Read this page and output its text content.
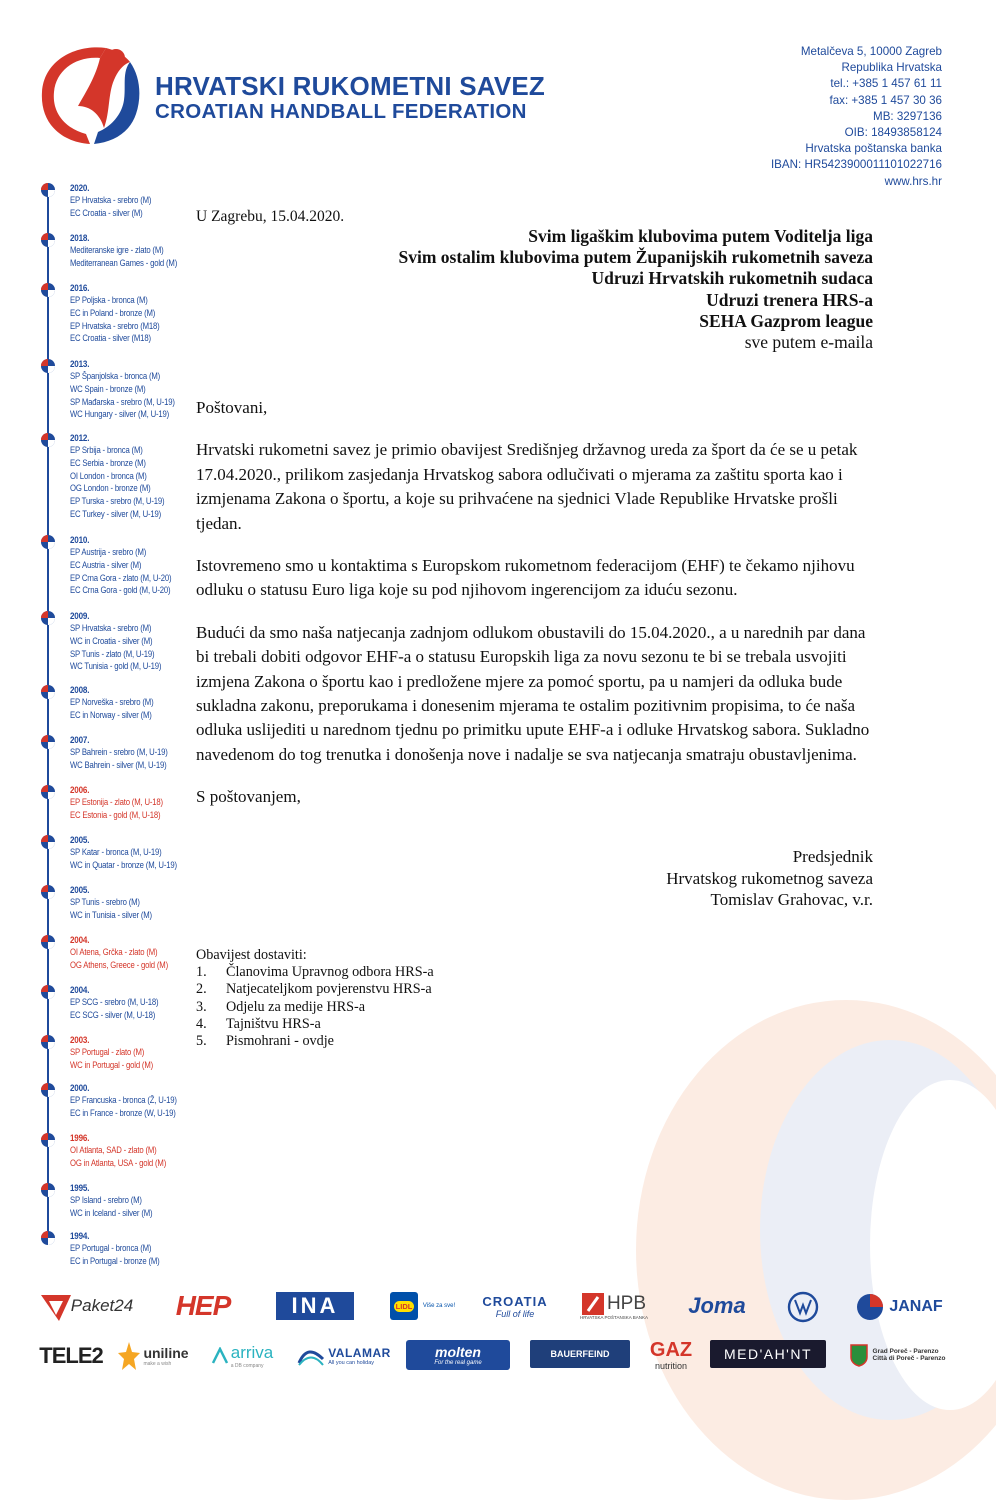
HRVATSKI RUKOMETNI SAVEZ
CROATIAN HANDBALL FEDERATION
Metalčeva 5, 10000 Zagreb
Republika Hrvatska
tel.: +385 1 457 61 11
fax: +385 1 457 30 36
MB: 3297136
OIB: 18493858124
Hrvatska poštanska banka
IBAN: HR5423900011101022716
www.hrs.hr
2020.
EP Hrvatska - srebro (M)
EC Croatia - silver (M)
2018.
Mediteranske igre - zlato (M)
Mediterranean Games - gold (M)
2016.
EP Poljska - bronca (M)
EC in Poland - bronze (M)
EP Hrvatska - srebro (M18)
EC Croatia - silver (M18)
2013.
SP Španjolska - bronca (M)
WC Spain - bronze (M)
SP Mađarska - srebro (M, U-19)
WC Hungary - silver (M, U-19)
2012.
EP Srbija - bronca (M)
EC Serbia - bronze (M)
OI London - bronca (M)
OG London - bronze (M)
EP Turska - srebro (M, U-19)
EC Turkey - silver (M, U-19)
2010.
EP Austrija - srebro (M)
EC Austria - silver (M)
EP Crna Gora - zlato (M, U-20)
EC Crna Gora - gold (M, U-20)
2009.
SP Hrvatska - srebro (M)
WC in Croatia - silver (M)
SP Tunis - zlato (M, U-19)
WC Tunisia - gold (M, U-19)
2008.
EP Norveška - srebro (M)
EC in Norway - silver (M)
2007.
SP Bahrein - srebro (M, U-19)
WC Bahrein - silver (M, U-19)
2006.
EP Estonija - zlato (M, U-18)
EC Estonia - gold (M, U-18)
2005.
SP Katar - bronca (M, U-19)
WC in Quatar - bronze (M, U-19)
2005.
SP Tunis - srebro (M)
WC in Tunisia - silver (M)
2004.
OI Atena, Grčka - zlato (M)
OG Athens, Greece - gold (M)
2004.
EP SCG - srebro (M, U-18)
EC SCG - silver (M, U-18)
2003.
SP Portugal - zlato (M)
WC in Portugal - gold (M)
2000.
EP Francuska - bronca (Ž, U-19)
EC in France - bronze (W, U-19)
1996.
OI Atlanta, SAD - zlato (M)
OG in Atlanta, USA - gold (M)
1995.
SP Island - srebro (M)
WC in Iceland - silver (M)
1994.
EP Portugal - bronca (M)
EC in Portugal - bronze (M)
U Zagrebu, 15.04.2020.
Svim ligaškim klubovima putem Voditelja liga
Svim ostalim klubovima putem Županijskih rukometnih saveza
Udruzi Hrvatskih rukometnih sudaca
Udruzi trenera HRS-a
SEHA Gazprom league
sve putem e-maila

Poštovani,

Hrvatski rukometni savez je primio obavijest Središnjeg državnog ureda za šport da će se u petak 17.04.2020., prilikom zasjedanja Hrvatskog sabora odlučivati o mjerama za zaštitu sporta kao i izmjenama Zakona o športu, a koje su prihvaćene na sjednici Vlade Republike Hrvatske prošli tjedan.

Istovremeno smo u kontaktima s Europskom rukometnom federacijom (EHF) te čekamo njihovu odluku o statusu Euro liga koje su pod njihovom ingerencijom za iduću sezonu.

Budući da smo naša natjecanja zadnjom odlukom obustavili do 15.04.2020., a u narednih par dana bi trebali dobiti odgovor EHF-a o statusu Europskih liga za novu sezonu te bi se trebala usvojiti izmjena Zakona o športu kao i predložene mjere za pomoć sportu, pa u namjeri da odluka bude sukladna zakonu, preporukama i donesenim mjerama te ostalim pozitivnim propisima, to će naša odluka uslijediti u narednom tjednu po primitku upute EHF-a i odluke Hrvatskog sabora. Sukladno navedenom do tog trenutka i donošenja nove i nadalje se sva natjecanja smatraju obustavljenima.

S poštovanjem,

Predsjednik
Hrvatskog rukometnog saveza
Tomislav Grahovac, v.r.
Obavijest dostaviti:
1. Članovima Upravnog odbora HRS-a
2. Natjecateljkom povjerenstvu HRS-a
3. Odjelu za medije HRS-a
4. Tajništvu HRS-a
5. Pismohrani - ovdje
Paket24 HEP	INA	LIDL	Više za sve! CROATIA
Full of life	HPB
HRVATSKA POŠTANSKA BANKA Joma	JANAF
TELE2	uniline
make a wish
arriva
a DB company
VALAMAR
All you can holiday
molten
For the real game
BAUERFEIND GAZ
nutrition
MED'AH'NT	Grad Poreč - Parenzo
Città di Poreč - Parenzo
